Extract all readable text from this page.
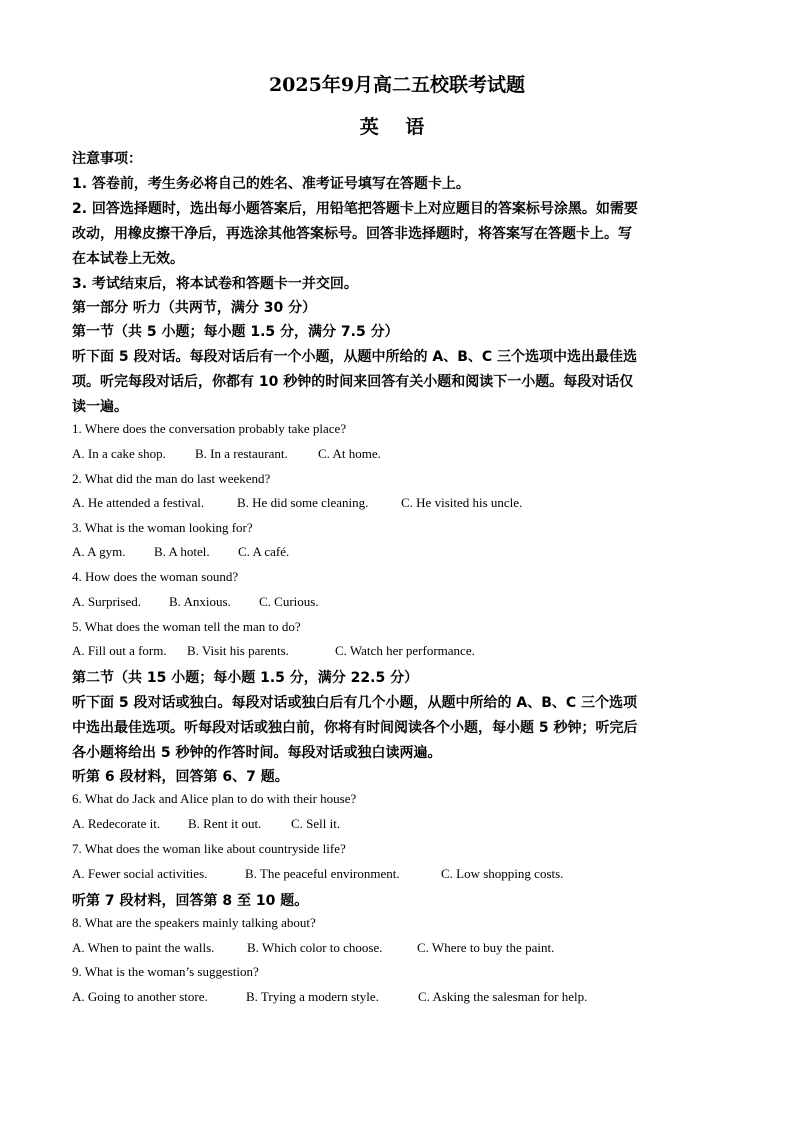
2025年9月高二五校联考试题
英 语
注意事项：
1. 答卷前，考生务必将自己的姓名、准考证号填写在答题卡上。
2. 回答选择题时，选出每小题答案后，用铅笔把答题卡上对应题目的答案标号涂黑。如需要
改动，用橡皮擦干净后，再选涂其他答案标号。回答非选择题时，将答案写在答题卡上。写
在本试卷上无效。
3. 考试结束后，将本试卷和答题卡一并交回。
第一部分 听力（共两节，满分 30 分）
第一节（共 5 小题；每小题 1.5 分，满分 7.5 分）
听下面 5 段对话。每段对话后有一个小题，从题中所给的 A、B、C 三个选项中选出最佳选
项。听完每段对话后，你都有 10 秒钟的时间来回答有关小题和阅读下一小题。每段对话仅
读一遍。
1. Where does the conversation probably take place?
A. In a cake shop. B. In a restaurant. C. At home.
2. What did the man do last weekend?
A. He attended a festival.	B. He did some cleaning.	C. He visited his uncle.
3. What is the woman looking for?
A. A gym. B. A hotel. C. A café.
4. How does the woman sound?
A. Surprised. B. Anxious. C. Curious.
5. What does the woman tell the man to do?
A. Fill out a form. B. Visit his parents.	C. Watch her performance.
第二节（共 15 小题；每小题 1.5 分，满分 22.5 分）
听下面 5 段对话或独白。每段对话或独白后有几个小题，从题中所给的 A、B、C 三个选项
中选出最佳选项。听每段对话或独白前，你将有时间阅读各个小题，每小题 5 秒钟；听完后
各小题将给出 5 秒钟的作答时间。每段对话或独白读两遍。
听第 6 段材料，回答第 6、7 题。
6. What do Jack and Alice plan to do with their house?
A. Redecorate it. B. Rent it out. C. Sell it.
7. What does the woman like about countryside life?
A. Fewer social activities.	B. The peaceful environment.	C. Low shopping costs.
听第 7 段材料，回答第 8 至 10 题。
8. What are the speakers mainly talking about?
A. When to paint the walls.	B. Which color to choose.	C. Where to buy the paint.
9. What is the woman’s suggestion?
A. Going to another store.	B. Trying a modern style.	C. Asking the salesman for help.
